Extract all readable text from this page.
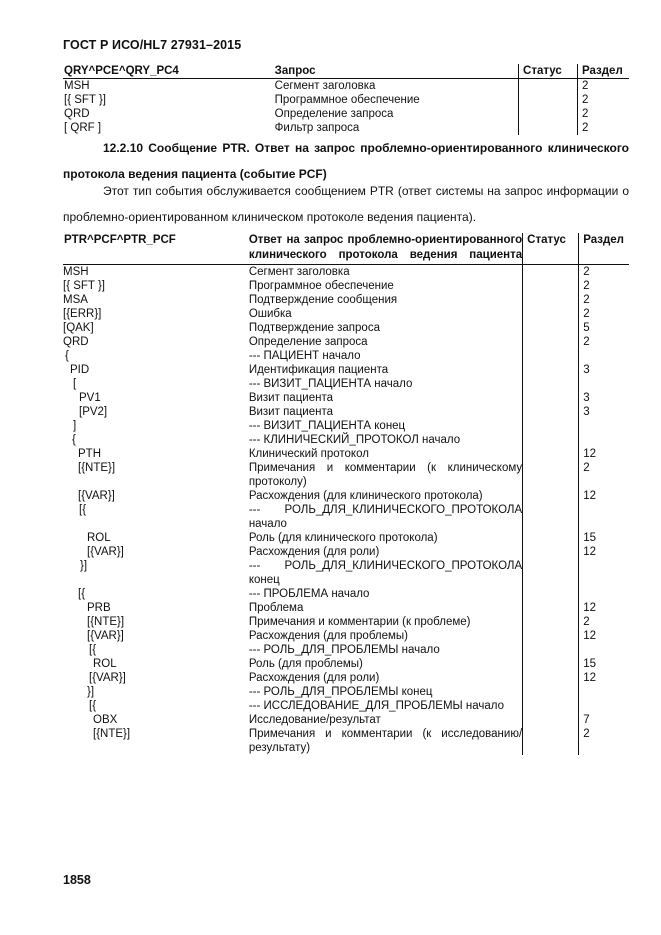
ГОСТ Р ИСО/HL7 27931–2015
QRY^PCE^QRY_PC4	Запрос	Статус	Раздел
MSH	Сегмент заголовка		2
[{ SFT }]	Программное обеспечение		2
QRD	Определение запроса		2
[ QRF ]	Фильтр запроса		2
12.2.10 Сообщение PTR. Ответ на запрос проблемно-ориентированного клинического протокола ведения пациента (событие PCF)
Этот тип события обслуживается сообщением PTR (ответ системы на запрос информации о проблемно-ориентированном клиническом протоколе ведения пациента).
PTR^PCF^PTR_PCF	Ответ на запрос проблемно-ориентированного клинического протокола ведения пациента	Статус	Раздел
MSH	Сегмент заголовка		2
[{ SFT }]	Программное обеспечение		2
MSA	Подтверждение сообщения		2
[{ERR}]	Ошибка		2
[QAK]	Подтверждение запроса		5
QRD	Определение запроса		2
{	--- ПАЦИЕНТ начало		
PID	Идентификация пациента		3
[	--- ВИЗИТ_ПАЦИЕНТА начало		
PV1	Визит пациента		3
[PV2]	Визит пациента		3
]	--- ВИЗИТ_ПАЦИЕНТА конец		
{	--- КЛИНИЧЕСКИЙ_ПРОТОКОЛ начало		
PTH	Клинический протокол		12
[{NTE}]	Примечания и комментарии (к клиническому протоколу)		2
[{VAR}]	Расхождения (для клинического протокола)		12
[{	--- РОЛЬ_ДЛЯ_КЛИНИЧЕСКОГО_ПРОТОКОЛА начало		
ROL	Роль (для клинического протокола)		15
[{VAR}]	Расхождения (для роли)		12
}]	--- РОЛЬ_ДЛЯ_КЛИНИЧЕСКОГО_ПРОТОКОЛА конец		
[{	--- ПРОБЛЕМА начало		
PRB	Проблема		12
[{NTE}]	Примечания и комментарии (к проблеме)		2
[{VAR}]	Расхождения (для проблемы)		12
[{	--- РОЛЬ_ДЛЯ_ПРОБЛЕМЫ начало		
ROL	Роль (для проблемы)		15
[{VAR}]	Расхождения (для роли)		12
}]	--- РОЛЬ_ДЛЯ_ПРОБЛЕМЫ конец		
[{	--- ИССЛЕДОВАНИЕ_ДЛЯ_ПРОБЛЕМЫ начало		
OBX	Исследование/результат		7
[{NTE}]	Примечания и комментарии (к исследованию/результату)		2
1858
